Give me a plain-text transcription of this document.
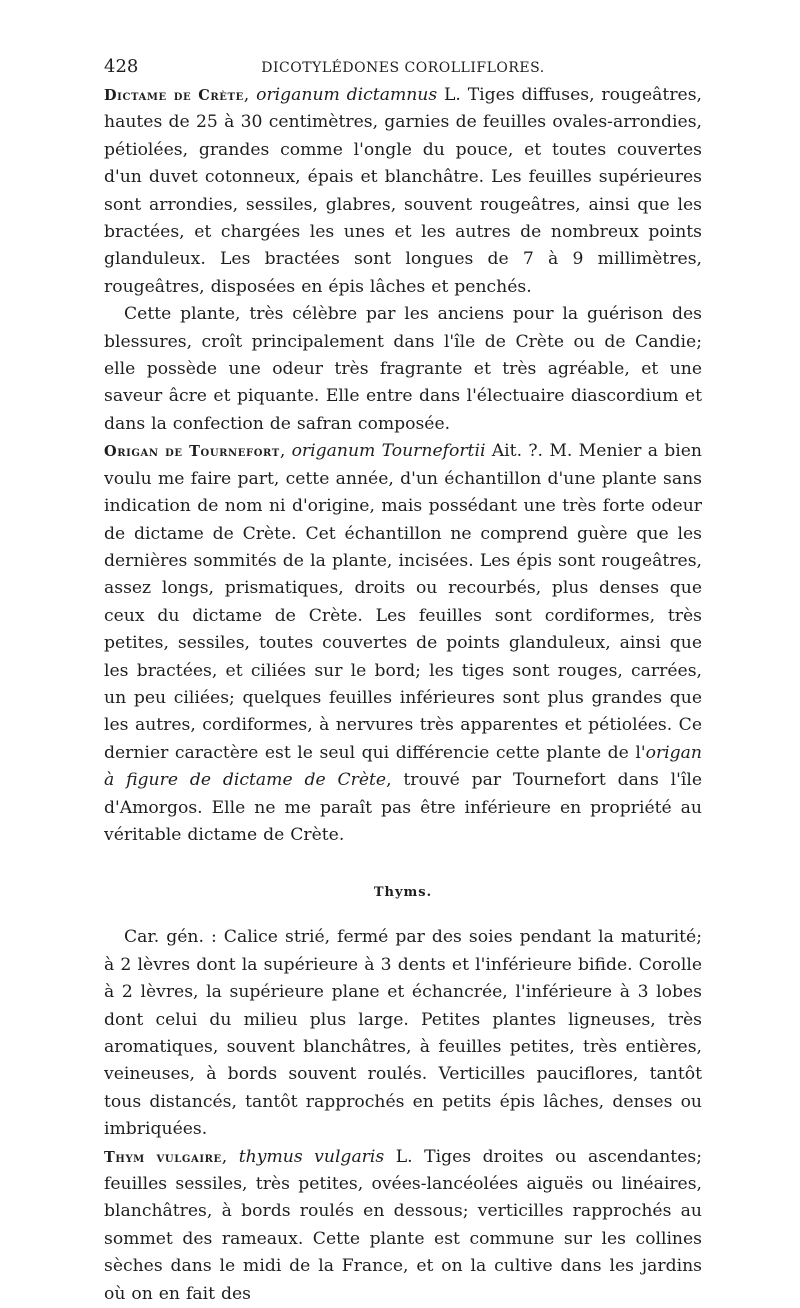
428	DICOTYLÉDONES COROLLIFLORES.

Dictame de Crète, origanum dictamnus L. Tiges diffuses, rougeâtres, hautes de 25 à 30 centimètres, garnies de feuilles ovales-arrondies, pétiolées, grandes comme l'ongle du pouce, et toutes couvertes d'un duvet cotonneux, épais et blanchâtre. Les feuilles supérieures sont arrondies, sessiles, glabres, souvent rougeâtres, ainsi que les bractées, et chargées les unes et les autres de nombreux points glanduleux. Les bractées sont longues de 7 à 9 millimètres, rougeâtres, disposées en épis lâches et penchés.

Cette plante, très célèbre par les anciens pour la guérison des blessures, croît principalement dans l'île de Crète ou de Candie; elle possède une odeur très fragrante et très agréable, et une saveur âcre et piquante. Elle entre dans l'électuaire diascordium et dans la confection de safran composée.

Origan de Tournefort, origanum Tournefortii Ait. ?. M. Menier a bien voulu me faire part, cette année, d'un échantillon d'une plante sans indication de nom ni d'origine, mais possédant une très forte odeur de dictame de Crète. Cet échantillon ne comprend guère que les dernières sommités de la plante, incisées. Les épis sont rougeâtres, assez longs, prismatiques, droits ou recourbés, plus denses que ceux du dictame de Crète. Les feuilles sont cordiformes, très petites, sessiles, toutes couvertes de points glanduleux, ainsi que les bractées, et ciliées sur le bord; les tiges sont rouges, carrées, un peu ciliées; quelques feuilles inférieures sont plus grandes que les autres, cordiformes, à nervures très apparentes et pétiolées. Ce dernier caractère est le seul qui différencie cette plante de l'origan à figure de dictame de Crète, trouvé par Tournefort dans l'île d'Amorgos. Elle ne me paraît pas être inférieure en propriété au véritable dictame de Crète.

Thyms.

Car. gén. : Calice strié, fermé par des soies pendant la maturité; à 2 lèvres dont la supérieure à 3 dents et l'inférieure bifide. Corolle à 2 lèvres, la supérieure plane et échancrée, l'inférieure à 3 lobes dont celui du milieu plus large. Petites plantes ligneuses, très aromatiques, souvent blanchâtres, à feuilles petites, très entières, veineuses, à bords souvent roulés. Verticilles pauciflores, tantôt tous distancés, tantôt rapprochés en petits épis lâches, denses ou imbriquées.

Thym vulgaire, thymus vulgaris L. Tiges droites ou ascendantes; feuilles sessiles, très petites, ovées-lancéolées aiguës ou linéaires, blanchâtres, à bords roulés en dessous; verticilles rapprochés au sommet des rameaux. Cette plante est commune sur les collines sèches dans le midi de la France, et on la cultive dans les jardins où on en fait des
